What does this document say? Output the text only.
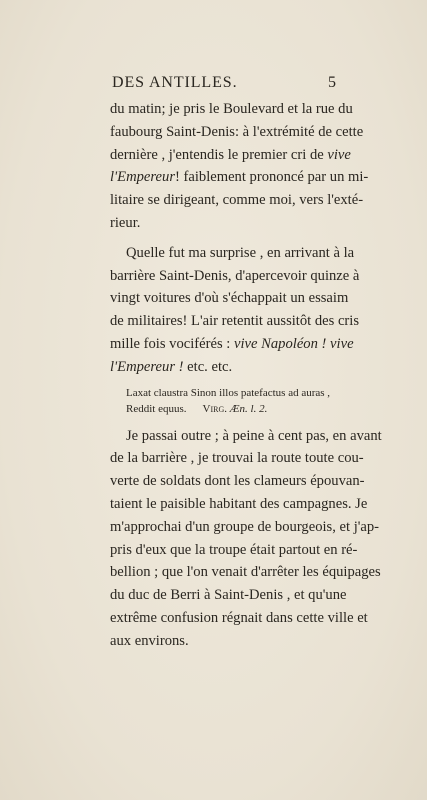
DES ANTILLES.	5
du matin; je pris le Boulevard et la rue du
faubourg Saint-Denis: à l'extrémité de cette
dernière , j'entendis le premier cri de vive
l'Empereur! faiblement prononcé par un mi-
litaire se dirigeant, comme moi, vers l'exté-
rieur.
Quelle fut ma surprise , en arrivant à la
barrière Saint-Denis, d'apercevoir quinze à
vingt voitures d'où s'échappait un essaim
de militaires! L'air retentit aussitôt des cris
mille fois vociférés : vive Napoléon ! vive
l'Empereur ! etc. etc.
Laxat claustra Sinon illos patefactus ad auras ,
Reddit equus. Virg. Æn. l. 2.
Je passai outre ; à peine à cent pas, en avant
de la barrière , je trouvai la route toute cou-
verte de soldats dont les clameurs épouvan-
taient le paisible habitant des campagnes. Je
m'approchai d'un groupe de bourgeois, et j'ap-
pris d'eux que la troupe était partout en ré-
bellion ; que l'on venait d'arrêter les équipages
du duc de Berri à Saint-Denis , et qu'une
extrême confusion régnait dans cette ville et
aux environs.
